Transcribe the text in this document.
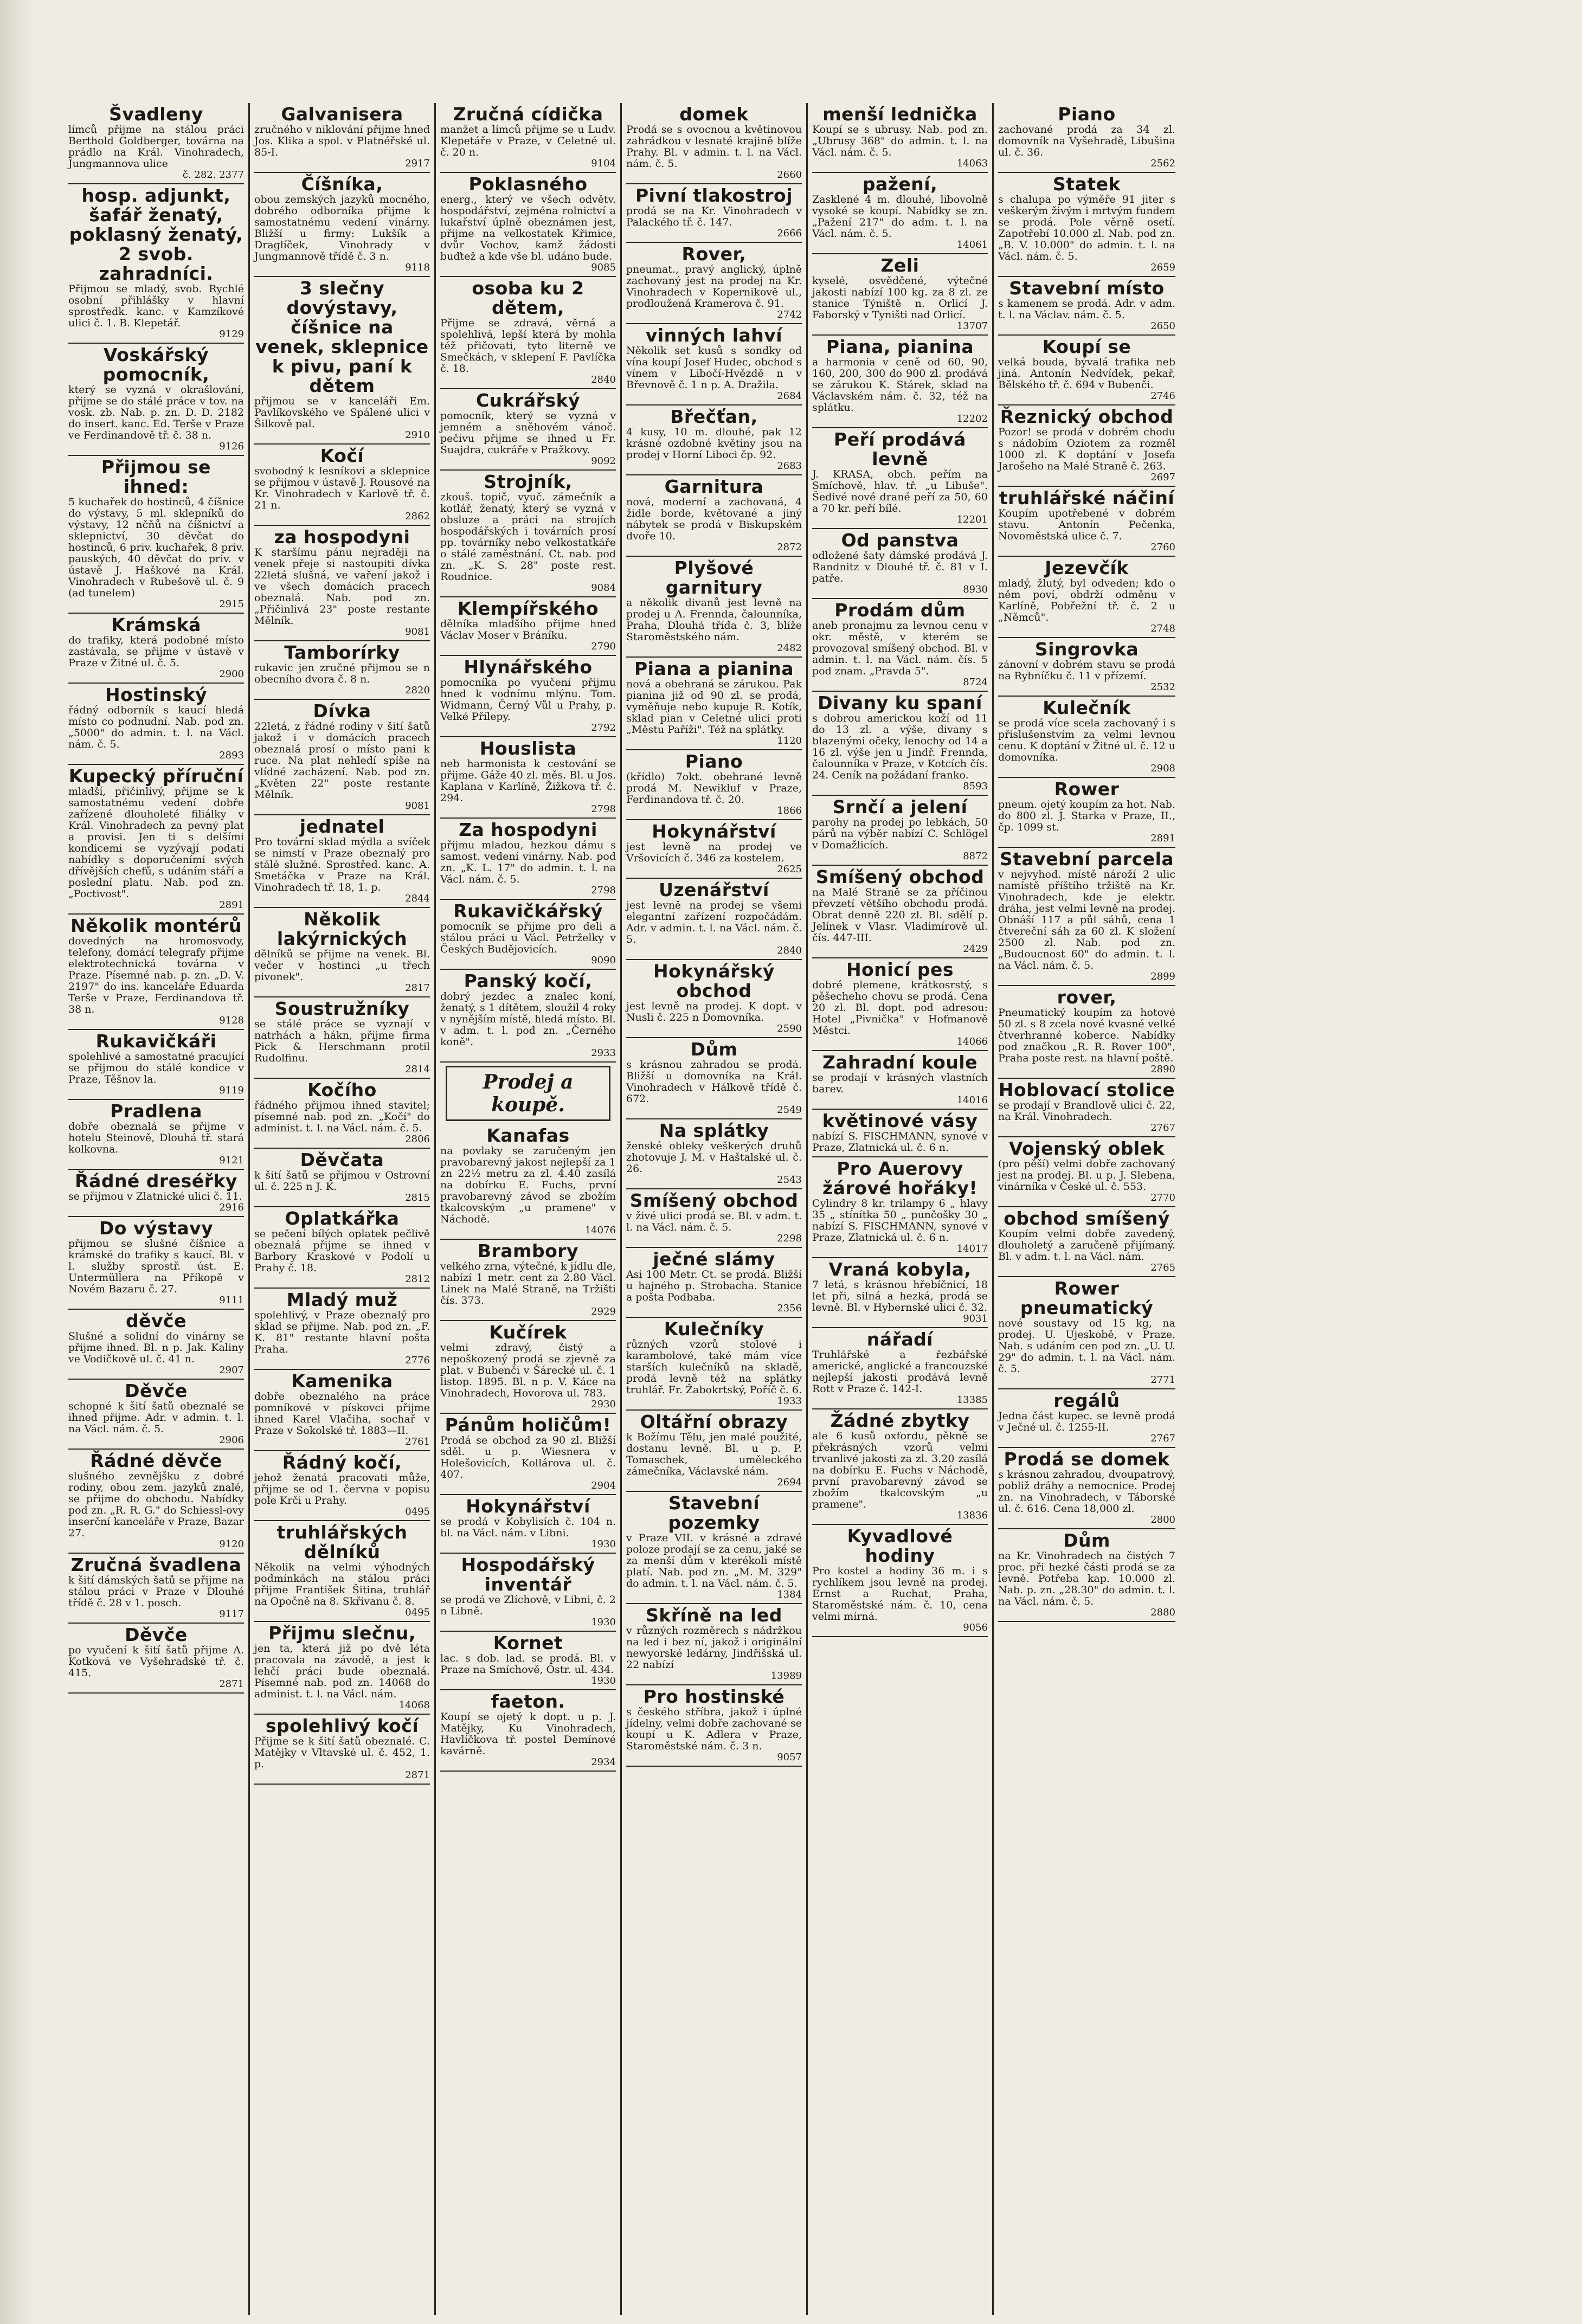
Švadleny
límců přijme na stálou práci Berthold Goldberger, továrna na prádlo na Král. Vinohradech, Jungmannova ulice
č. 282. 2377
hosp. adjunkt, šafář ženatý, poklasný ženatý, 2 svob. zahradníci.
Přijmou se mladý, svob. Rychlé osobní přihlášky v hlavní sprostředk. kanc. v Kamzíkové ulici č. 1. B. Klepetář.
9129
Voskářský pomocník,
který se vyzná v okrašlování, přijme se do stálé práce v tov. na vosk. zb. Nab. p. zn. D. D. 2182 do insert. kanc. Ed. Terše v Praze ve Ferdinandově tř. č. 38 n.
9126
Přijmou se ihned:
5 kuchařek do hostinců, 4 číšnice do výstavy, 5 ml. sklepníků do výstavy, 12 nčňů na číšnictví a sklepnictví, 30 děvčat do hostinců, 6 priv. kuchařek, 8 priv. pauských, 40 děvčat do priv. v ústavě J. Haškové na Král. Vinohradech v Rubešově ul. č. 9 (ad tunelem)
2915
Krámská
do trafiky, která podobné místo zastávala, se přijme v ústavě v Praze v Žitné ul. č. 5.
2900
Hostinský
řádný odborník s kaucí hledá místo co podnudní. Nab. pod zn. „5000" do admin. t. l. na Václ. nám. č. 5.
2893
Kupecký příruční
mladší, přičinlivý, přijme se k samostatnému vedení dobře zařízené dlouholeté filiálky v Král. Vinohradech za pevný plat a provisi. Jen ti s delšími kondicemi se vyzývají podati nabídky s doporučeními svých dřívějších chefů, s udáním stáří a poslední platu. Nab. pod zn. „Poctivost".
2891
Několik montérů
dovedných na hromosvody, telefony, domácí telegrafy přijme elektrotechnická továrna v Praze. Písemné nab. p. zn. „D. V. 2197" do ins. kanceláře Eduarda Terše v Praze, Ferdinandova tř. 38 n.
9128
Rukavičkáři
spolehlivé a samostatné pracující se přijmou do stálé kondice v Praze, Těšnov la.
9119
Pradlena
dobře obeznalá se přijme v hotelu Steinově, Dlouhá tř. stará kolkovna.
9121
Řádné dreséřky
se přijmou v Zlatnické ulici č. 11.
2916
Do výstavy
přijmou se slušné číšnice a krámské do trafiky s kaucí. Bl. v l. služby sprostř. úst. E. Untermüllera na Příkopě v Novém Bazaru č. 27.
9111
děvče
Slušné a solidní do vinárny se přijme ihned. Bl. n p. Jak. Kaliny ve Vodičkově ul. č. 41 n.
2907
Děvče
schopné k šití šatů obeznalé se ihned přijme. Adr. v admin. t. l. na Václ. nám. č. 5.
2906
Řádné děvče
slušného zevnějšku z dobré rodiny, obou zem. jazyků znalé, se přijme do obchodu. Nabídky pod zn. „R. R. G." do Schiessl-ovy inserční kanceláře v Praze, Bazar 27.
9120
Zručná švadlena
k šití dámských šatů se přijme na stálou práci v Praze v Dlouhé třídě č. 28 v 1. posch.
9117
Děvče
po vyučení k šití šatů přijme A. Kotková ve Vyšehradské tř. č. 415.
2871
Galvanisera
zručného v niklování přijme hned Jos. Klika a spol. v Platnéřské ul. 85-I.
2917
Číšníka,
obou zemských jazyků mocného, dobrého odborníka přijme k samostatnému vedení vinárny. Bližší u firmy: Lukšík a Draglíček, Vinohrady v Jungmannově třídě č. 3 n.
9118
3 slečny dovýstavy, číšnice na venek, sklepnice k pivu, paní k dětem
přijmou se v kanceláři Em. Pavlíkovského ve Spálené ulici v Šilkově pal.
2910
Kočí
svobodný k lesníkovi a sklepnice se přijmou v ústavě J. Rousové na Kr. Vinohradech v Karlově tř. č. 21 n.
2862
za hospodyni
K staršímu pánu nejraději na venek přeje si nastoupiti dívka 22letá slušná, ve vaření jakož i ve všech domácích pracech obeznalá. Nab. pod zn. „Přičinlivá 23" poste restante Mělník.
9081
Tamborírky
rukavic jen zručné přijmou se n obecního dvora č. 8 n.
2820
Dívka
22letá, z řádné rodiny v šití šatů jakož i v domácích pracech obeznalá prosí o místo pani k ruce. Na plat nehledí spíše na vlídné zacházení. Nab. pod zn. „Květen 22" poste restante Mělník.
9081
jednatel
Pro tovární sklad mýdla a svíček se nimstí v Praze obeznalý pro stálé služné. Sprostřed. kanc. A. Smetáčka v Praze na Král. Vinohradech tř. 18, 1. p.
2844
Několik lakýrnických
dělníků se přijme na venek. Bl. večer v hostinci „u třech pivonek".
2817
Soustružníky
se stálé práce se vyznají v natrhách a hákn, přijme firma Pick & Herschmann protil Rudolfinu.
2814
Kočího
řádného přijmou ihned stavitel; písemné nab. pod zn. „Kočí" do administ. t. l. na Václ. nám. č. 5.
2806
Děvčata
k šití šatů se přijmou v Ostrovní ul. č. 225 n J. K.
2815
Oplatkářka
se pečení bílých oplatek pečlivě obeznalá přijme se ihned v Barbory Kraskové v Podolí u Prahy č. 18.
2812
Mladý muž
spolehlivý, v Praze obeznalý pro sklad se přijme. Nab. pod zn. „F. K. 81" restante hlavní pošta Praha.
2776
Kamenika
dobře obeznalého na práce pomníkové v pískovci přijme ihned Karel Vlačiha, sochař v Praze v Sokolské tř. 1883—II.
2761
Řádný kočí,
jehož ženatá pracovati může, přijme se od 1. června v popisu pole Krči u Prahy.
0495
truhlářských dělníků
Několik na velmi výhodných podmínkách na stálou práci přijme František Šitina, truhlář na Opočně na 8. Skřivanu č. 8.
0495
Přijmu slečnu,
jen ta, která již po dvě léta pracovala na závodě, a jest k lehčí práci bude obeznalá. Písemné nab. pod zn. 14068 do administ. t. l. na Václ. nám.
14068
spolehlivý kočí
Přijme se k šití šatů obeznalé. C. Matějky v Vltavské ul. č. 452, 1. p.
2871
Zručná cídička
manžet a límců přijme se u Ludv. Klepetáře v Praze, v Celetné ul. č. 20 n.
9104
Poklasného
energ., který ve všech odvětv. hospodářství, zejména rolnictví a lukařství úplně obeznámen jest, přijme na velkostatek Křimice, dvůr Vochov, kamž žádosti buďtež a kde vše bl. udáno bude.
9085
osoba ku 2 dětem,
Přijme se zdravá, věrná a spolehlivá, lepší která by mohla též přičovati, tyto literně ve Smečkách, v sklepení F. Pavlíčka č. 18.
2840
Cukrářský
pomocník, který se vyzná v jemném a sněhovém vánoč. pečivu přijme se ihned u Fr. Suajdra, cukráře v Pražkovy.
9092
Strojník,
zkouš. topič, vyuč. zámečník a kotlář, ženatý, který se vyzná v obsluze a práci na strojích hospodářských i továrních prosí pp. továrníky nebo velkostatkáře o stálé zaměstnání. Ct. nab. pod zn. „K. S. 28" poste rest. Roudnice.
9084
Klempířského
dělníka mladšího přijme hned Václav Moser v Bráníku.
2790
Hlynářského
pomocníka po vyučení přijmu hned k vodnímu mlýnu. Tom. Widmann, Černý Vůl u Prahy, p. Velké Přílepy.
2792
Houslista
neb harmonista k cestování se přijme. Gáže 40 zl. měs. Bl. u Jos. Kaplana v Karlíně, Žižkova tř. č. 294.
2798
Za hospodyni
přijmu mladou, hezkou dámu s samost. vedení vinárny. Nab. pod zn. „K. L. 17" do admin. t. l. na Václ. nám. č. 5.
2798
Rukavičkářský
pomocník se přijme pro deli a stálou práci u Václ. Petrželky v Českých Budějovicích.
9090
Panský kočí,
dobrý jezdec a znalec koní, ženatý, s 1 dítětem, sloužil 4 roky v nynějším místě, hledá místo. Bl. v adm. t. l. pod zn. „Černého koně".
2933
Prodej a koupě.
Kanafas
na povlaky se zaručeným jen pravobarevný jakost nejlepší za 1 zn 22½ metru za zl. 4.40 zasílá na dobírku E. Fuchs, první pravobarevný závod se zbožím tkalcovským „u pramene" v Náchodě.
14076
Brambory
velkého zrna, výtečné, k jídlu dle, nabízí 1 metr. cent za 2.80 Václ. Linek na Malé Straně, na Tržišti čís. 373.
2929
Kučírek
velmi zdravý, čistý a nepoškozený prodá se zjevně za plat. v Bubenči v Šárecké ul. č. 1 listop. 1895. Bl. n p. V. Káce na Vinohradech, Hovorova ul. 783.
2930
Pánům holičům!
Prodá se obchod za 90 zl. Bližší sděl. u p. Wiesnera v Holešovicích, Kollárova ul. č. 407.
2904
Hokynářství
se prodá v Kobylisích č. 104 n. bl. na Václ. nám. v Libni.
1930
Hospodářský inventář
se prodá ve Zlíchově, v Libni, č. 2 n Libně.
1930
Kornet
lac. s dob. lad. se prodá. Bl. v Praze na Smíchově, Ostr. ul. 434.
1930
faeton.
Koupí se ojetý k dopt. u p. J. Matějky, Ku Vinohradech, Havlíčkova tř. postel Demínové kavárně.
2934
domek
Prodá se s ovocnou a květinovou zahrádkou v lesnaté krajině blíže Prahy. Bl. v admin. t. l. na Václ. nám. č. 5.
2660
Pivní tlakostroj
prodá se na Kr. Vinohradech v Palackého tř. č. 147.
2666
Rover,
pneumat., pravý anglický, úplně zachovaný jest na prodej na Kr. Vinohradech v Kopernikově ul., prodloužená Kramerova č. 91.
2742
vinných lahví
Několik set kusů s sondky od vína koupí Josef Hudec, obchod s vínem v Libočí-Hvězdě n v Břevnově č. 1 n p. A. Dražila.
2684
Břečťan,
4 kusy, 10 m. dlouhé, pak 12 krásné ozdobné květiny jsou na prodej v Horní Liboci čp. 92.
2683
Garnitura
nová, moderní a zachovaná, 4 židle borde, květované a jiný nábytek se prodá v Biskupském dvoře 10.
2872
Plyšové garnitury
a několik divanů jest levně na prodej u A. Frennda, čalounníka, Praha, Dlouhá třída č. 3, blíže Staroměstského nám.
2482
Piana a pianina
nová a obehraná se zárukou. Pak pianina již od 90 zl. se prodá, vyměňuje nebo kupuje R. Kotík, sklad pian v Celetné ulici proti „Městu Paříži". Též na splátky.
1120
Piano
(křídlo) 7okt. obehrané levně prodá M. Newikluf v Praze, Ferdinandova tř. č. 20.
1866
Hokynářství
jest levně na prodej ve Vršovicích č. 346 za kostelem.
2625
Uzenářství
jest levně na prodej se všemi elegantní zařízení rozpočádám. Adr. v admin. t. l. na Václ. nám. č. 5.
2840
Hokynářský obchod
jest levně na prodej. K dopt. v Nusli č. 225 n Domovníka.
2590
Dům
s krásnou zahradou se prodá. Bližší u domovníka na Král. Vinohradech v Hálkově třídě č. 672.
2549
Na splátky
ženské obleky veškerých druhů zhotovuje J. M. v Haštalské ul. č. 26.
2543
Smíšený obchod
v živé ulici prodá se. Bl. v adm. t. l. na Václ. nám. č. 5.
2298
ječné slámy
Asi 100 Metr. Ct. se prodá. Bližší u hajného p. Strobacha. Stanice a pošta Podbaba.
2356
Kulečníky
různých vzorů stolové i karambolové, také mám více starších kulečníků na skladě, prodá levně též na splátky truhlář. Fr. Žabokrtský, Poříč č. 6.
1933
Oltářní obrazy
k Božímu Tělu, jen malé použité, dostanu levně. Bl. u p. P. Tomaschek, uměleckého zámečníka, Václavské nám.
2694
Stavební pozemky
v Praze VII. v krásné a zdravé poloze prodají se za cenu, jaké se za menší dům v kterékoli místě platí. Nab. pod zn. „M. M. 329" do admin. t. l. na Václ. nám. č. 5.
1384
Skříně na led
v různých rozměrech s nádržkou na led i bez ní, jakož i originální newyorské ledárny, Jindřišská ul. 22 nabízí
13989
Pro hostinské
s českého stříbra, jakož i úplné jídelny, velmi dobře zachované se koupí u K. Adlera v Praze, Staroměstské nám. č. 3 n.
9057
menší lednička
Koupí se s ubrusy. Nab. pod zn. „Ubrusy 368" do admin. t. l. na Václ. nám. č. 5.
14063
pažení,
Zasklené 4 m. dlouhé, libovolně vysoké se koupí. Nabídky se zn. „Pažení 217" do adm. t. l. na Václ. nám. č. 5.
14061
Zeli
kyselé, osvědčené, výtečné jakosti nabízí 100 kg. za 8 zl. ze stanice Týniště n. Orlicí J. Faborský v Tyništi nad Orlicí.
13707
Piana, pianina
a harmonia v ceně od 60, 90, 160, 200, 300 do 900 zl. prodává se zárukou K. Stárek, sklad na Václavském nám. č. 32, též na splátku.
12202
Peří prodává levně
J. KRASA, obch. peřím na Smíchově, hlav. tř. „u Libuše". Šedivé nové drané peří za 50, 60 a 70 kr. peří bílé.
12201
Od panstva
odložené šaty dámské prodává J. Randnitz v Dlouhé tř. č. 81 v I. patře.
8930
Prodám dům
aneb pronajmu za levnou cenu v okr. městě, v kterém se provozoval smíšený obchod. Bl. v admin. t. l. na Václ. nám. čís. 5 pod znam. „Pravda 5".
8724
Divany ku spaní
s dobrou americkou koží od 11 do 13 zl. a výše, divany s blazenými očeky, lenochy od 14 a 16 zl. výše jen u Jindř. Frennda, čalounníka v Praze, v Kotcích čís. 24. Ceník na požádaní franko.
8593
Srnčí a jelení
parohy na prodej po lebkách, 50 párů na výběr nabízí C. Schlögel v Domažlicích.
8872
Smíšený obchod
na Malé Straně se za příčinou převzetí většího obchodu prodá. Obrat denně 220 zl. Bl. sdělí p. Jelínek v Vlasr. Vladimírově ul. čís. 447-III.
2429
Honicí pes
dobré plemene, krátkosrstý, s pěšecheho chovu se prodá. Cena 20 zl. Bl. dopt. pod adresou: Hotel „Pivnička" v Hofmanově Městci.
14066
Zahradní koule
se prodají v krásných vlastních barev.
14016
květinové vásy
nabízí S. FISCHMANN, synové v Praze, Zlatnická ul. č. 6 n.
Pro Auerovy žárové hořáky!
Cylindry 8 kr. trilampy 6 „ hlavy 35 „ stínítka 50 „ punčošky 30 „ nabízí S. FISCHMANN, synové v Praze, Zlatnická ul. č. 6 n.
14017
Vraná kobyla,
7 letá, s krásnou hřebíčnicí, 18 let při, silná a hezká, prodá se levně. Bl. v Hybernské ulici č. 32.
9031
nářadí
Truhlářské a řezbářské americké, anglické a francouzské nejlepší jakosti prodává levně Rott v Praze č. 142-I.
13385
Žádné zbytky
ale 6 kusů oxfordu, pěkně se překrásných vzorů velmi trvanlivé jakosti za zl. 3.20 zasílá na dobírku E. Fuchs v Náchodě, první pravobarevný závod se zbožím tkalcovským „u pramene".
13836
Kyvadlové hodiny
Pro kostel a hodiny 36 m. i s rychlíkem jsou levně na prodej. Ernst a Ruchat, Praha, Staroměstské nám. č. 10, cena velmi mírná.
9056
Piano
zachované prodá za 34 zl. domovník na Vyšehradě, Libušina ul. č. 36.
2562
Statek
s chalupa po výměře 91 jiter s veškerým živým i mrtvým fundem se prodá. Pole věrně osetí. Zapotřebí 10.000 zl. Nab. pod zn. „B. V. 10.000" do admin. t. l. na Václ. nám. č. 5.
2659
Stavební místo
s kamenem se prodá. Adr. v adm. t. l. na Václav. nám. č. 5.
2650
Koupí se
velká bouda, bývalá trafika neb jiná. Antonín Nedvídek, pekař, Bělského tř. č. 694 v Bubenči.
2746
Řeznický obchod
Pozor! se prodá v dobrém chodu s nádobím Oziotem za rozměl 1000 zl. K doptání v Josefa Jarošeho na Malé Straně č. 263.
2697
truhlářské náčiní
Koupím upotřebené v dobrém stavu. Antonín Pečenka, Novoměstská ulice č. 7.
2760
Jezevčík
mladý, žlutý, byl odveden; kdo o něm poví, obdrží odměnu v Karlíně, Pobřežní tř. č. 2 u „Němců".
2748
Singrovka
zánovní v dobrém stavu se prodá na Rybníčku č. 11 v přízemí.
2532
Kulečník
se prodá více scela zachovaný i s příslušenstvím za velmi levnou cenu. K doptání v Žitné ul. č. 12 u domovníka.
2908
Rower
pneum. ojetý koupím za hot. Nab. do 800 zl. J. Starka v Praze, II., čp. 1099 st.
2891
Stavební parcela
v nejvyhod. místě nároží 2 ulic namístě příštího tržiště na Kr. Vinohradech, kde je elektr. dráha, jest velmi levně na prodej. Obnáší 117 a půl sáhů, cena 1 čtvereční sáh za 60 zl. K složení 2500 zl. Nab. pod zn. „Budoucnost 60" do admin. t. l. na Václ. nám. č. 5.
2899
rover,
Pneumatický koupím za hotové 50 zl. s 8 zcela nové kvasné velké čtverhranné koberce. Nabídky pod značkou „R. R. Rover 100", Praha poste rest. na hlavní poště.
2890
Hoblovací stolice
se prodají v Brandlově ulici č. 22, na Král. Vinohradech.
2767
Vojenský oblek
(pro pěší) velmi dobře zachovaný jest na prodej. Bl. u p. J. Slebena, vinárníka v České ul. č. 553.
2770
obchod smíšený
Koupím velmi dobře zavedený, dlouholetý a zaručeně přijímaný. Bl. v adm. t. l. na Václ. nám.
2765
Rower pneumatický
nové soustavy od 15 kg, na prodej. U. Ujeskobě, v Praze. Nab. s udáním cen pod zn. „U. U. 29" do admin. t. l. na Václ. nám. č. 5.
2771
regálů
Jedna část kupec. se levně prodá v Ječné ul. č. 1255-II.
2767
Prodá se domek
s krásnou zahradou, dvoupatrový, pobliž dráhy a nemocnice. Prodej zn. na Vinohradech, v Táborské ul. č. 616. Cena 18,000 zl.
2800
Dům
na Kr. Vinohradech na čistých 7 proc. při hezké části prodá se za levně. Potřeba kap. 10.000 zl. Nab. p. zn. „28.30" do admin. t. l. na Václ. nám. č. 5.
2880
